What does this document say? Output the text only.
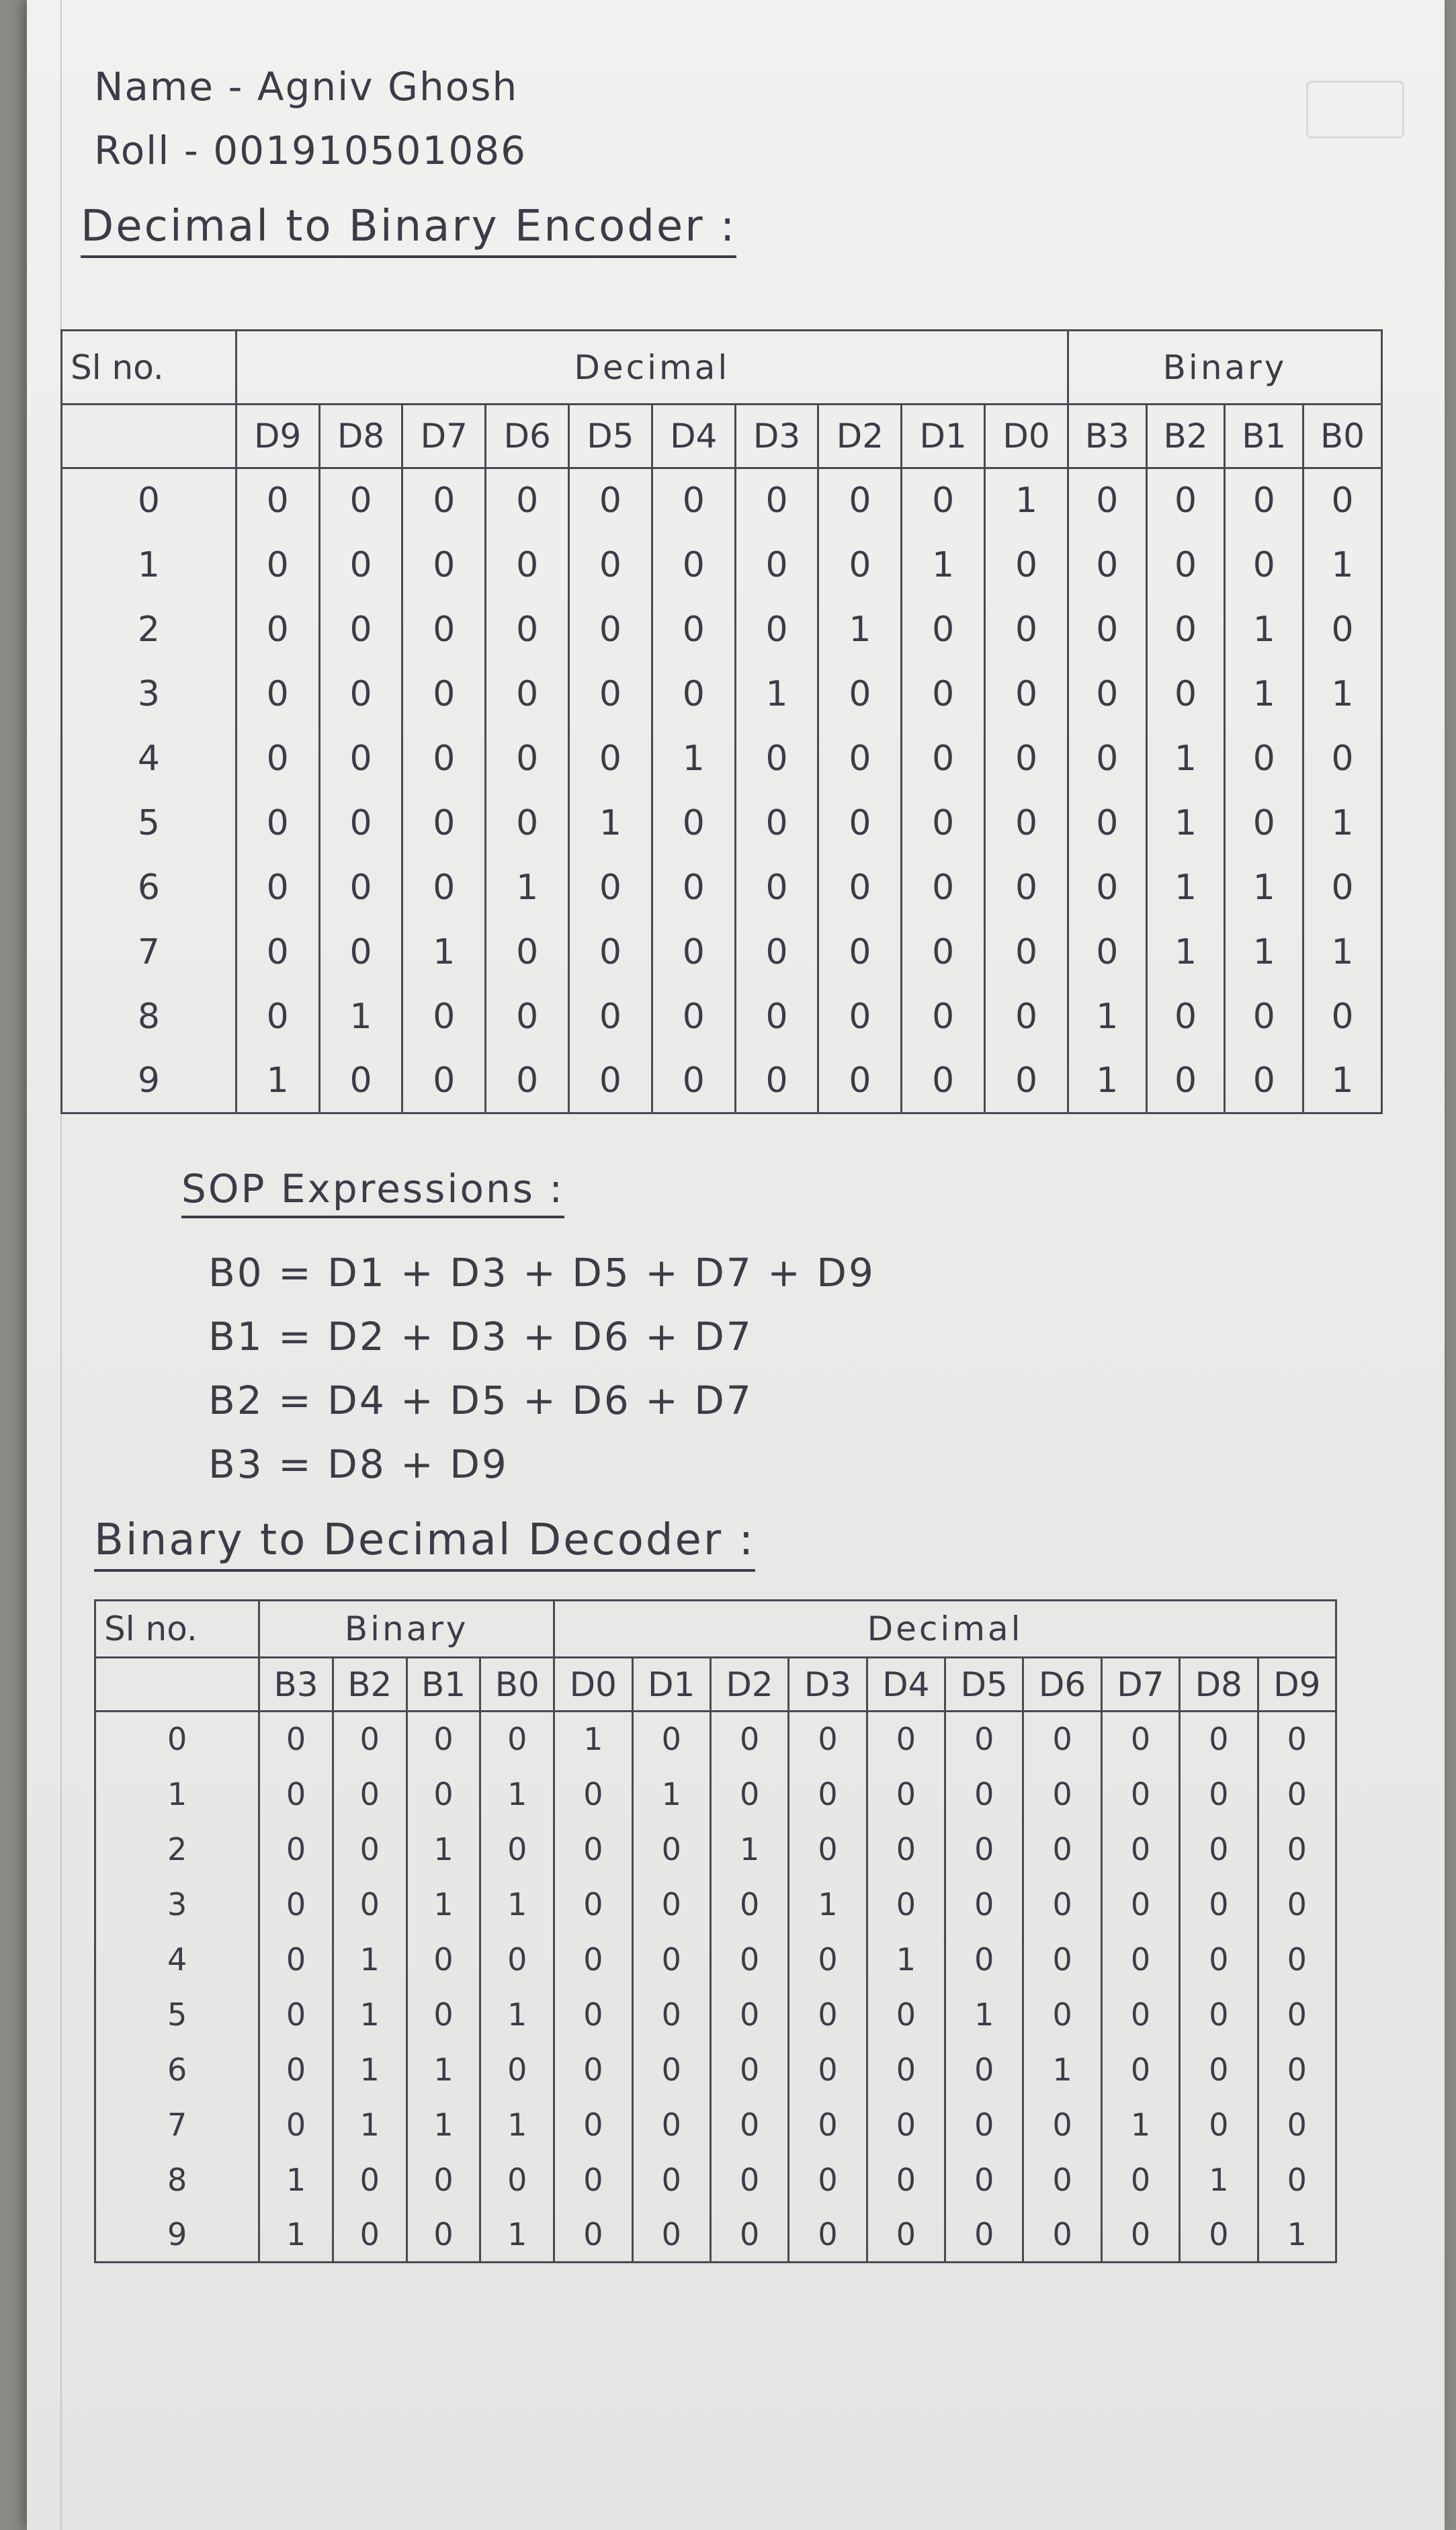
Name - Agniv Ghosh
Roll - 001910501086
Decimal to Binary Encoder :
Sl no.	Decimal										Binary			
	D9	D8	D7	D6	D5	D4	D3	D2	D1	D0	B3	B2	B1	B0
0	0	0	0	0	0	0	0	0	0	1	0	0	0	0
1	0	0	0	0	0	0	0	0	1	0	0	0	0	1
2	0	0	0	0	0	0	0	1	0	0	0	0	1	0
3	0	0	0	0	0	0	1	0	0	0	0	0	1	1
4	0	0	0	0	0	1	0	0	0	0	0	1	0	0
5	0	0	0	0	1	0	0	0	0	0	0	1	0	1
6	0	0	0	1	0	0	0	0	0	0	0	1	1	0
7	0	0	1	0	0	0	0	0	0	0	0	1	1	1
8	0	1	0	0	0	0	0	0	0	0	1	0	0	0
9	1	0	0	0	0	0	0	0	0	0	1	0	0	1
SOP Expressions :
B0 = D1 + D3 + D5 + D7 + D9
B1 = D2 + D3 + D6 + D7
B2 = D4 + D5 + D6 + D7
B3 = D8 + D9
Binary to Decimal Decoder :
Sl no.	Binary				Decimal									
	B3	B2	B1	B0	D0	D1	D2	D3	D4	D5	D6	D7	D8	D9
0	0	0	0	0	1	0	0	0	0	0	0	0	0	0
1	0	0	0	1	0	1	0	0	0	0	0	0	0	0
2	0	0	1	0	0	0	1	0	0	0	0	0	0	0
3	0	0	1	1	0	0	0	1	0	0	0	0	0	0
4	0	1	0	0	0	0	0	0	1	0	0	0	0	0
5	0	1	0	1	0	0	0	0	0	1	0	0	0	0
6	0	1	1	0	0	0	0	0	0	0	1	0	0	0
7	0	1	1	1	0	0	0	0	0	0	0	1	0	0
8	1	0	0	0	0	0	0	0	0	0	0	0	1	0
9	1	0	0	1	0	0	0	0	0	0	0	0	0	1
